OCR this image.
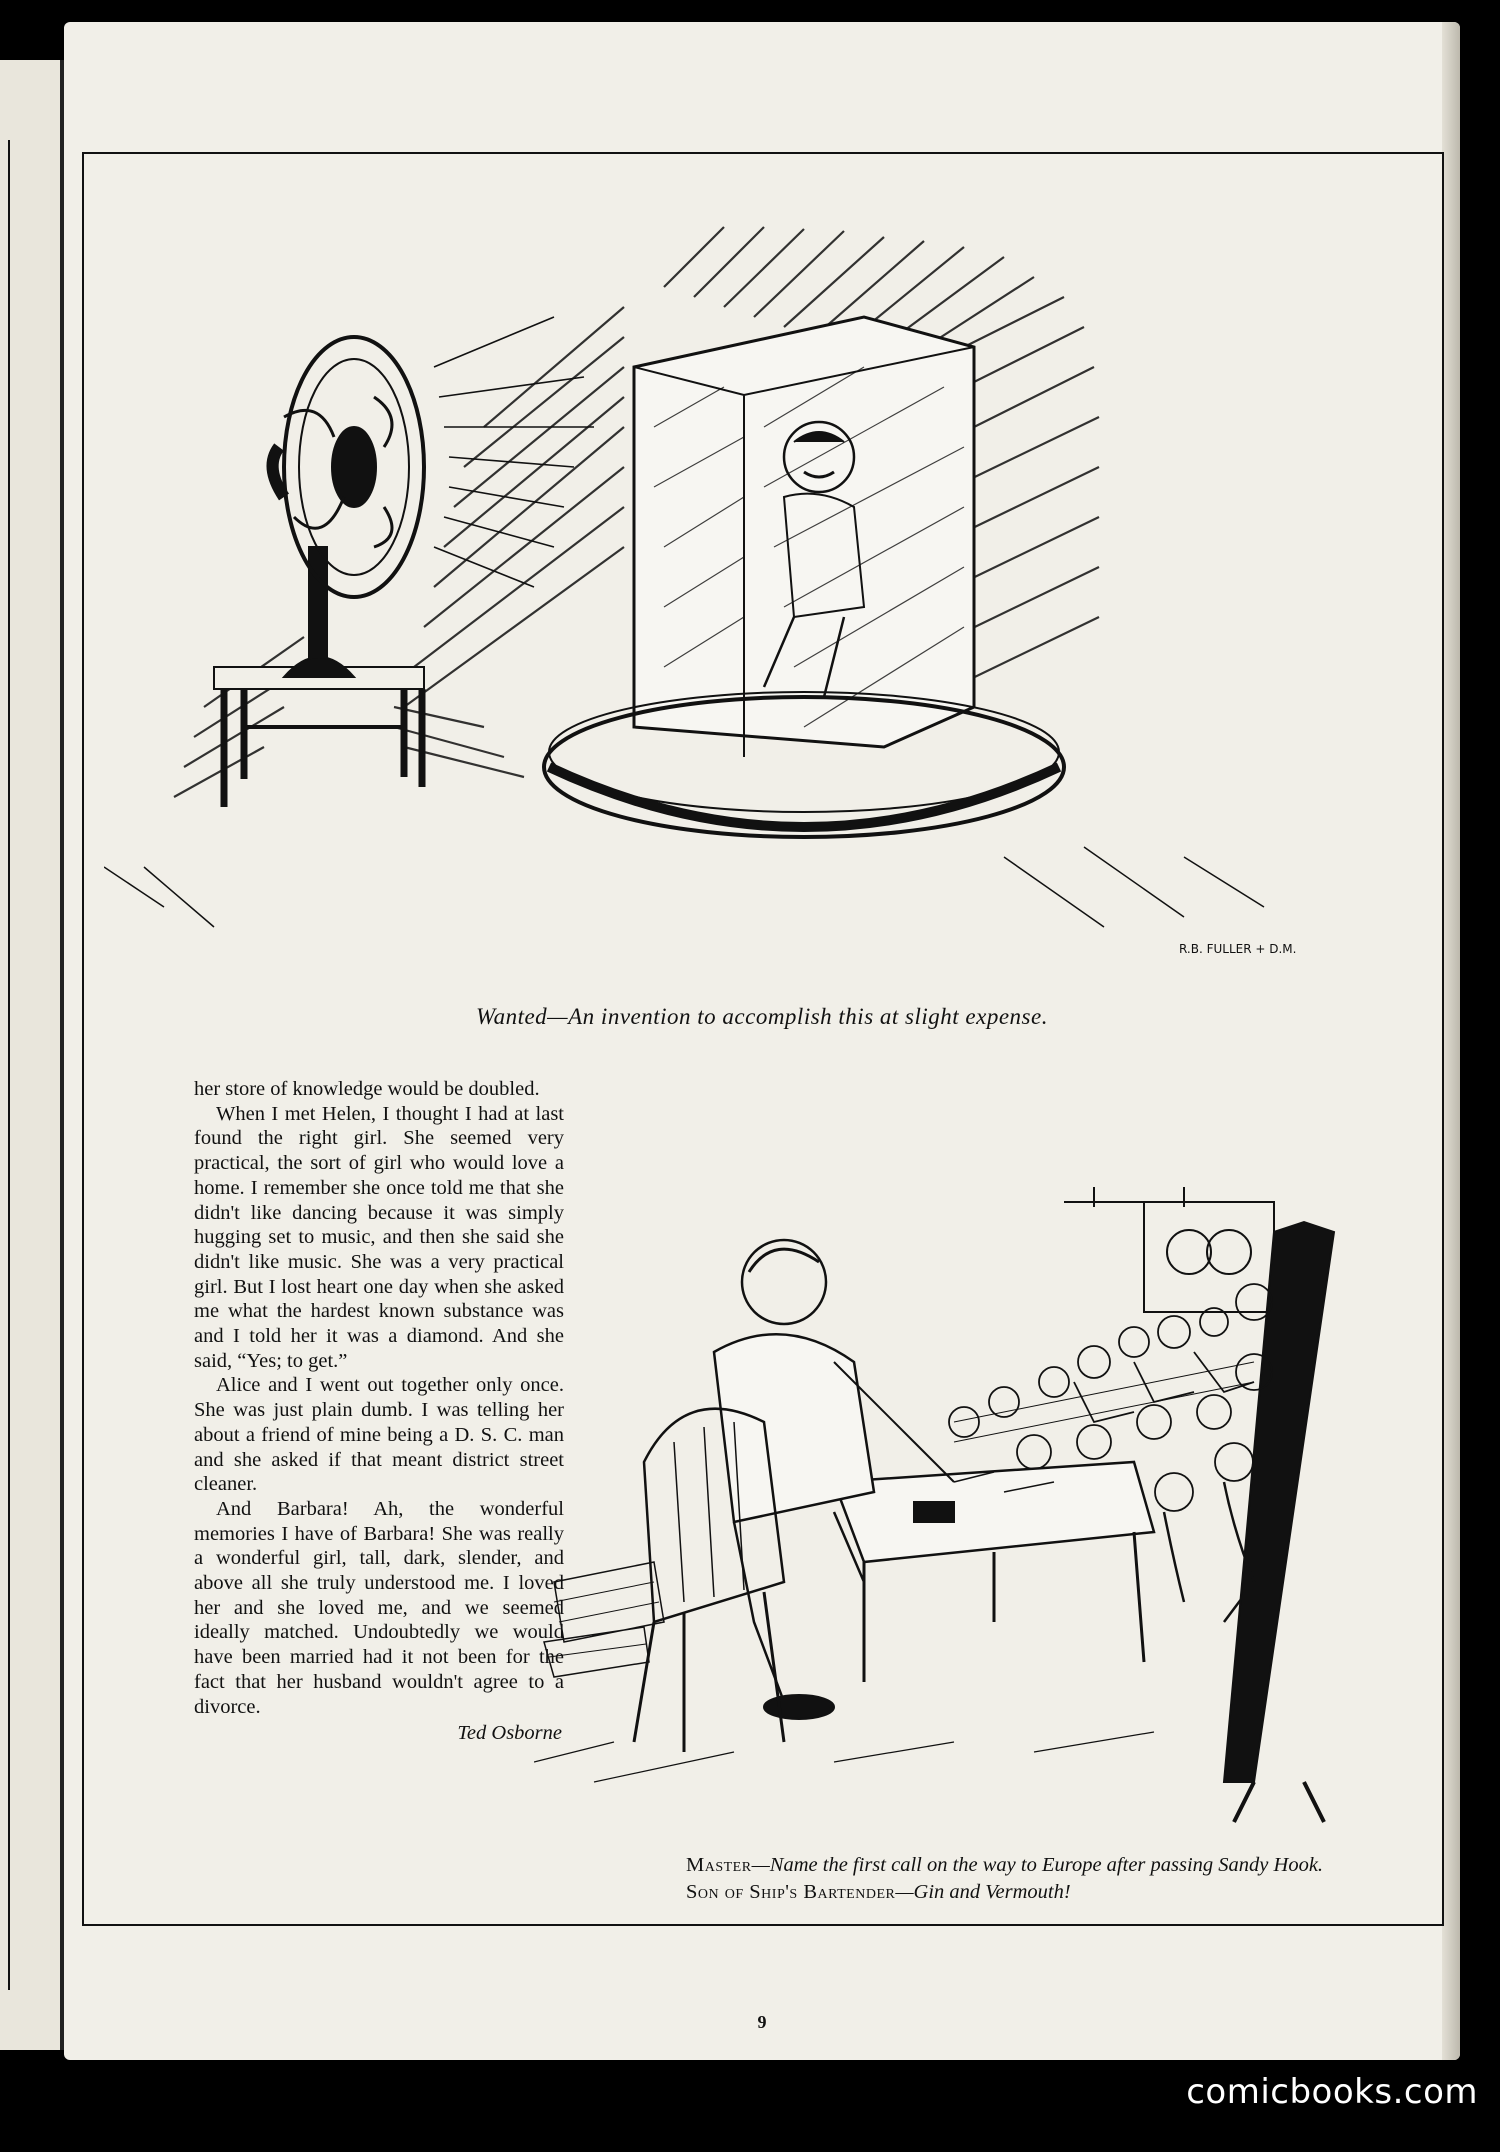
R.B. FULLER + D.M.
Wanted—An invention to accomplish this at slight expense.

her store of knowledge would be doubled.

When I met Helen, I thought I had at last found the right girl. She seemed very practical, the sort of girl who would love a home. I remember she once told me that she didn't like dancing because it was simply hugging set to music, and then she said she didn't like music. She was a very practical girl. But I lost heart one day when she asked me what the hardest known substance was and I told her it was a diamond. And she said, “Yes; to get.”

Alice and I went out together only once. She was just plain dumb. I was telling her about a friend of mine being a D. S. C. man and she asked if that meant district street cleaner.

And Barbara! Ah, the wonderful memories I have of Barbara! She was really a wonderful girl, tall, dark, slender, and above all she truly understood me. I loved her and she loved me, and we seemed ideally matched. Undoubtedly we would have been married had it not been for the fact that her husband wouldn't agree to a divorce.

Ted Osborne

Master—Name the first call on the way to Europe after passing Sandy Hook.

Son of Ship's Bartender—Gin and Vermouth!

9
comicbooks.com
